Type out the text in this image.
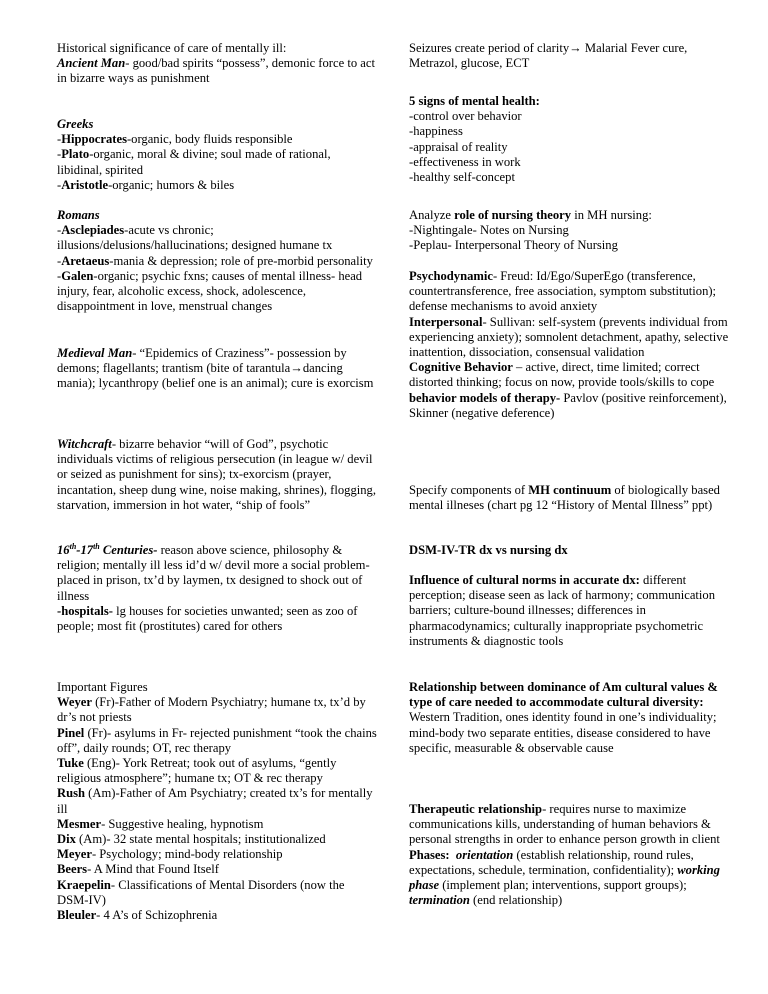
Historical significance of care of mentally ill:

Ancient Man- good/bad spirits “possess”, demonic force to act in bizarre ways as punishment

Greeks

-Hippocrates-organic, body fluids responsible

-Plato-organic, moral & divine; soul made of rational, libidinal, spirited

-Aristotle-organic; humors & biles

Romans

-Asclepiades-acute vs chronic; illusions/delusions/hallucinations; designed humane tx

-Aretaeus-mania & depression; role of pre-morbid personality

-Galen-organic; psychic fxns; causes of mental illness- head injury, fear, alcoholic excess, shock, adolescence, disappointment in love, menstrual changes

Medieval Man- “Epidemics of Craziness”- possession by demons; flagellants; trantism (bite of tarantula→dancing mania); lycanthropy (belief one is an animal); cure is exorcism

Witchcraft- bizarre behavior “will of God”, psychotic individuals victims of religious persecution (in league w/ devil or seized as punishment for sins); tx-exorcism (prayer, incantation, sheep dung wine, noise making, shrines), flogging, starvation, immersion in hot water, “ship of fools”

16th-17th Centuries- reason above science, philosophy & religion; mentally ill less id’d w/ devil more a social problem- placed in prison, tx’d by laymen, tx designed to shock out of illness

-hospitals- lg houses for societies unwanted; seen as zoo of people; most fit (prostitutes) cared for others

Important Figures

Weyer (Fr)-Father of Modern Psychiatry; humane tx, tx’d by dr’s not priests

Pinel (Fr)- asylums in Fr- rejected punishment “took the chains off”, daily rounds; OT, rec therapy

Tuke (Eng)- York Retreat; took out of asylums, “gently religious atmosphere”; humane tx; OT & rec therapy

Rush (Am)-Father of Am Psychiatry; created tx’s for mentally ill

Mesmer- Suggestive healing, hypnotism

Dix (Am)- 32 state mental hospitals; institutionalized

Meyer- Psychology; mind-body relationship

Beers- A Mind that Found Itself

Kraepelin- Classifications of Mental Disorders (now the DSM-IV)

Bleuler- 4 A’s of Schizophrenia

Seizures create period of clarity→ Malarial Fever cure, Metrazol, glucose, ECT

5 signs of mental health:

-control over behavior

-happiness

-appraisal of reality

-effectiveness in work

-healthy self-concept

Analyze role of nursing theory in MH nursing:

-Nightingale- Notes on Nursing

-Peplau- Interpersonal Theory of Nursing

Psychodynamic- Freud: Id/Ego/SuperEgo (transference, countertransference, free association, symptom substitution); defense mechanisms to avoid anxiety

Interpersonal- Sullivan: self-system (prevents individual from experiencing anxiety); somnolent detachment, apathy, selective inattention, dissociation, consensual validation

Cognitive Behavior – active, direct, time limited; correct distorted thinking; focus on now, provide tools/skills to cope

behavior models of therapy- Pavlov (positive reinforcement), Skinner (negative deference)

Specify components of MH continuum of biologically based mental illneses (chart pg 12 “History of Mental Illness” ppt)

DSM-IV-TR dx vs nursing dx

Influence of cultural norms in accurate dx: different perception; disease seen as lack of harmony; communication barriers; culture-bound illnesses; differences in pharmacodynamics; culturally inappropriate psychometric instruments & diagnostic tools

Relationship between dominance of Am cultural values & type of care needed to accommodate cultural diversity: Western Tradition, ones identity found in one’s individuality; mind-body two separate entities, disease considered to have specific, measurable & observable cause

Therapeutic relationship- requires nurse to maximize communications kills, understanding of human behaviors & personal strengths in order to enhance person growth in client

Phases: orientation (establish relationship, round rules, expectations, schedule, termination, confidentiality); working phase (implement plan; interventions, support groups); termination (end relationship)
